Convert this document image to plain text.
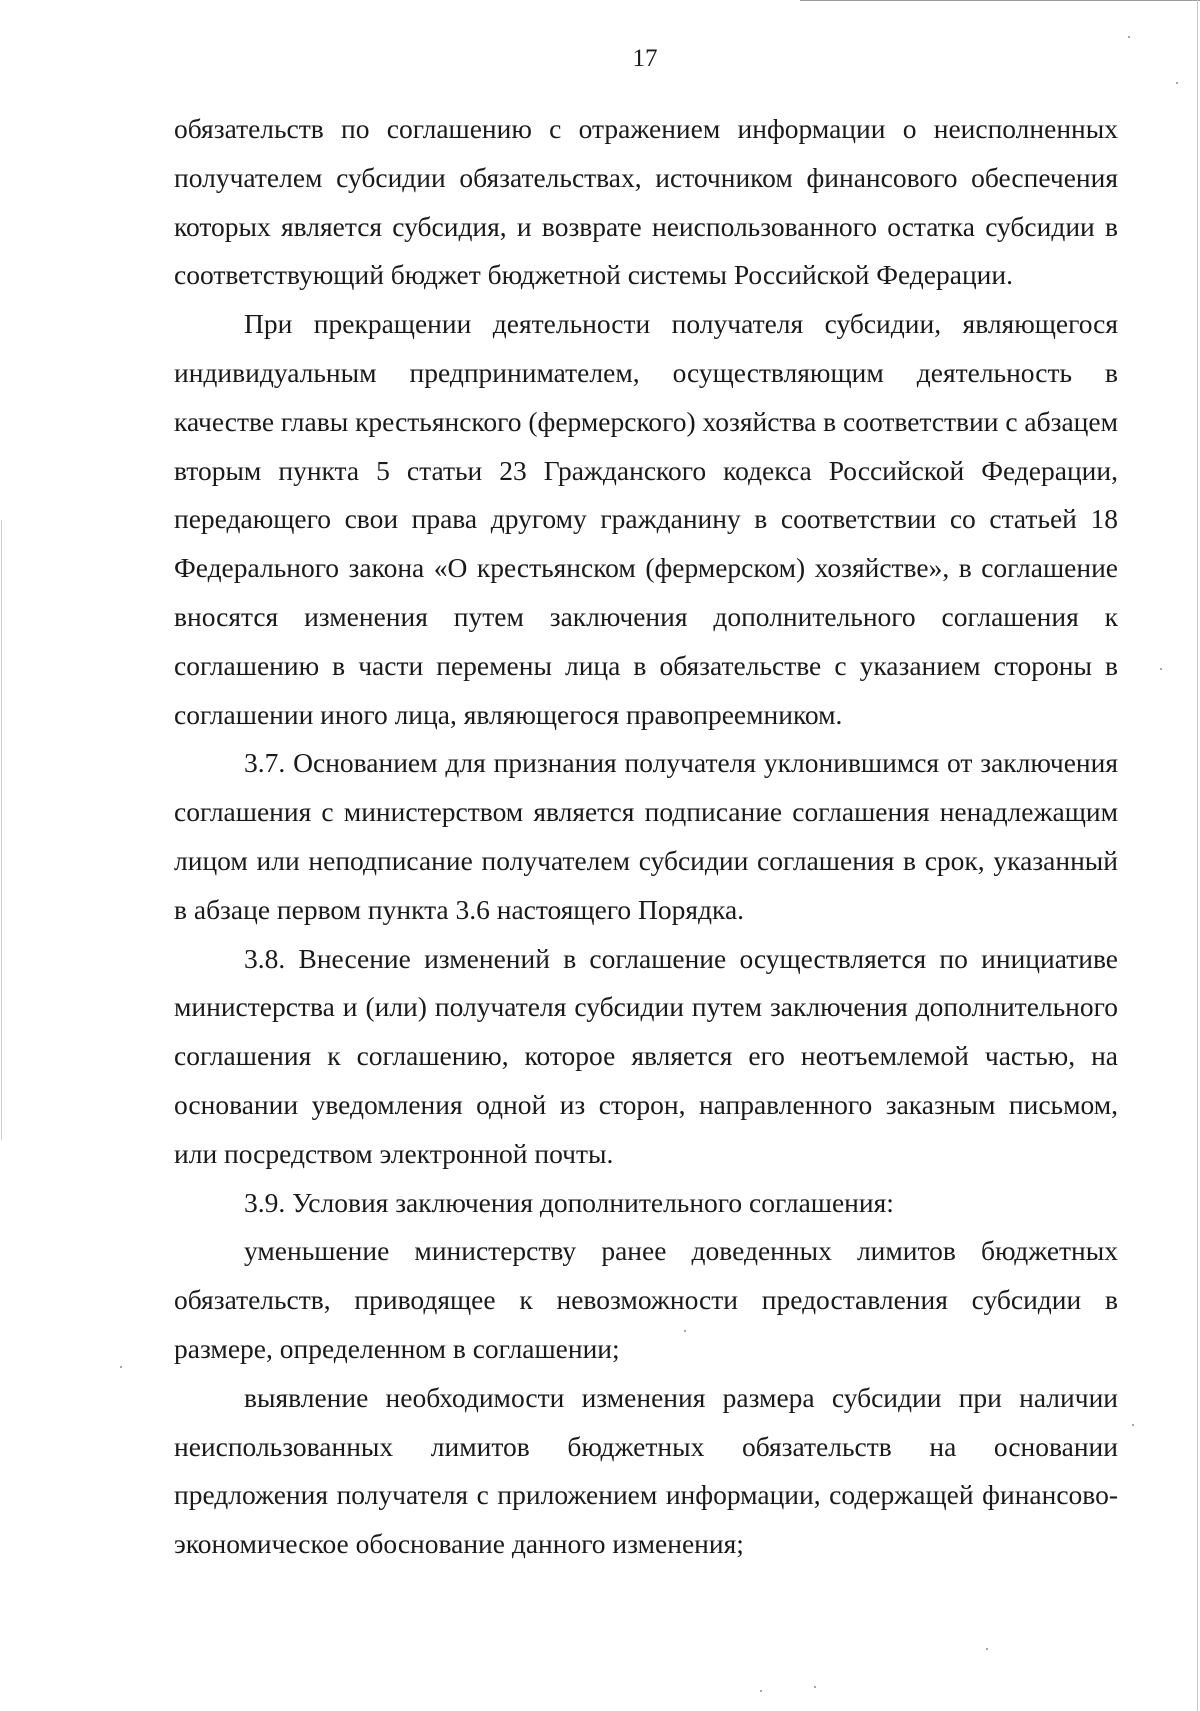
17

обязательств по соглашению с отражением информации о неисполненных получателем субсидии обязательствах, источником финансового обеспечения которых является субсидия, и возврате неиспользованного остатка субсидии в соответствующий бюджет бюджетной системы Российской Федерации.

При прекращении деятельности получателя субсидии, являющегося индивидуальным предпринимателем, осуществляющим деятельность в качестве главы крестьянского (фермерского) хозяйства в соответствии с абзацем вторым пункта 5 статьи 23 Гражданского кодекса Российской Федерации, передающего свои права другому гражданину в соответствии со статьей 18 Федерального закона «О крестьянском (фермерском) хозяйстве», в соглашение вносятся изменения путем заключения дополнительного соглашения к соглашению в части перемены лица в обязательстве с указанием стороны в соглашении иного лица, являющегося правопреемником.

3.7. Основанием для признания получателя уклонившимся от заключения соглашения с министерством является подписание соглашения ненадлежащим лицом или неподписание получателем субсидии соглашения в срок, указанный в абзаце первом пункта 3.6 настоящего Порядка.

3.8. Внесение изменений в соглашение осуществляется по инициативе министерства и (или) получателя субсидии путем заключения дополнительного соглашения к соглашению, которое является его неотъемлемой частью, на основании уведомления одной из сторон, направленного заказным письмом, или посредством электронной почты.

3.9. Условия заключения дополнительного соглашения:

уменьшение министерству ранее доведенных лимитов бюджетных обязательств, приводящее к невозможности предоставления субсидии в размере, определенном в соглашении;

выявление необходимости изменения размера субсидии при наличии неиспользованных лимитов бюджетных обязательств на основании предложения получателя с приложением информации, содержащей финансово-экономическое обоснование данного изменения;
